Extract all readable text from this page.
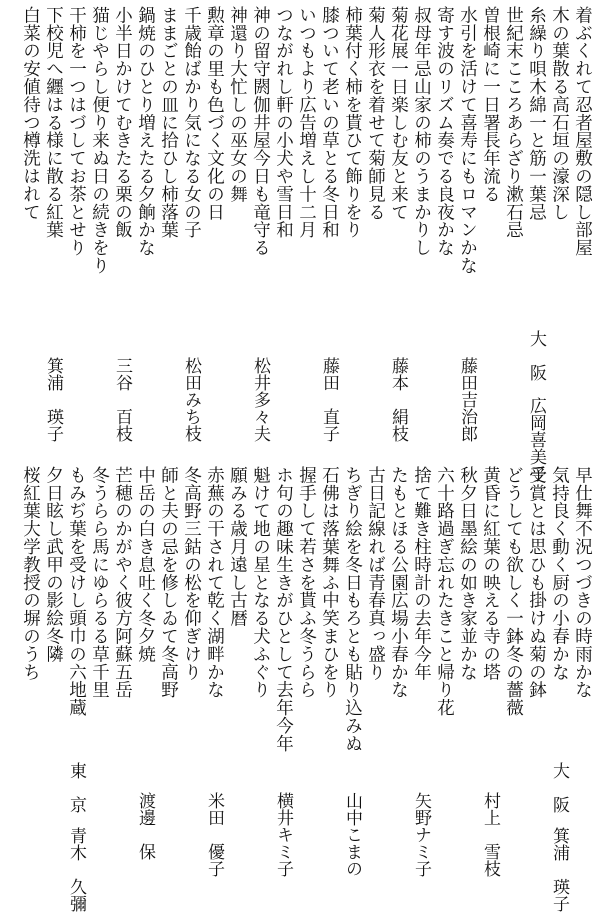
着ぶくれて忍者屋敷の隠し部屋
木の葉散る高石垣の濠深し
糸繰り唄木綿一と筋一葉忌
世紀末こころあらざり漱石忌
曽根崎に一日署長年流る
水引を活けて喜寿にもロマンかな
寄す波のリズム奏でる良夜かな
叔母年忌山家の柿のうまかりし
菊花展一日楽しむ友と来て
菊人形衣を着せて菊師見る
柿葉付く柿を貰ひて飾りをり
膝ついて老いの草とる冬日和
いつもより広告増えし十二月
つながれし軒の小犬や雪日和
神の留守閼伽井屋今日も竜守る
神還り大忙しの巫女の舞
勲章の里も色づく文化の日
千歳飴ばかり気になる女の子
ままごとの皿に拾ひし柿落葉
鍋焼のひとり増えたる夕餉かな
小半日かけてむきたる栗の飯
猫じやらし便り来ぬ日の続きをり
干柿を一つはづしてお茶とせり
下校児へ纒はる様に散る紅葉
白菜の安値待つ樽洗はれて
大　阪広岡喜美子
藤田吉治郎
藤本　絹枝
藤田　直子
松井多々夫
松田みち枝
三谷　百枝
箕浦　瑛子
早仕舞不況つづきの時雨かな
気持良く動く厨の小春かな
受賞とは思ひも掛けぬ菊の鉢
どうしても欲しく一鉢冬の薔薇
黄昏に紅葉の映える寺の塔
秋夕日墨絵の如き家並かな
六十路過ぎ忘れたきこと帰り花
捨て難き柱時計の去年今年
たもとほる公園広場小春かな
古日記線れば青春真っ盛り
ちぎり絵を冬日もろとも貼り込みぬ
石佛は落葉舞ふ中笑まひをり
握手して若さを貰ふ冬うらら
ホ句の趣味生きがひとして去年今年
魁けて地の星となる犬ふぐり
願みる歳月遠し古暦
赤蕪の干されて乾く湖畔かな
冬高野三鈷の松を仰ぎけり
師と夫の忌を修しゐて冬高野
中岳の白き息吐く冬夕焼
芒穂のかがやく彼方阿蘇五岳
冬うらら馬にゆらるる草千里
もみぢ葉を受けし頭巾の六地蔵
夕日眩し武甲の影絵冬隣
桜紅葉大学教授の塀のうち
大　阪箕浦　瑛子
村上　雪枝
矢野ナミ子
山中こまの
横井キミ子
米田　優子
渡邊　保
東　京青木　久彌
